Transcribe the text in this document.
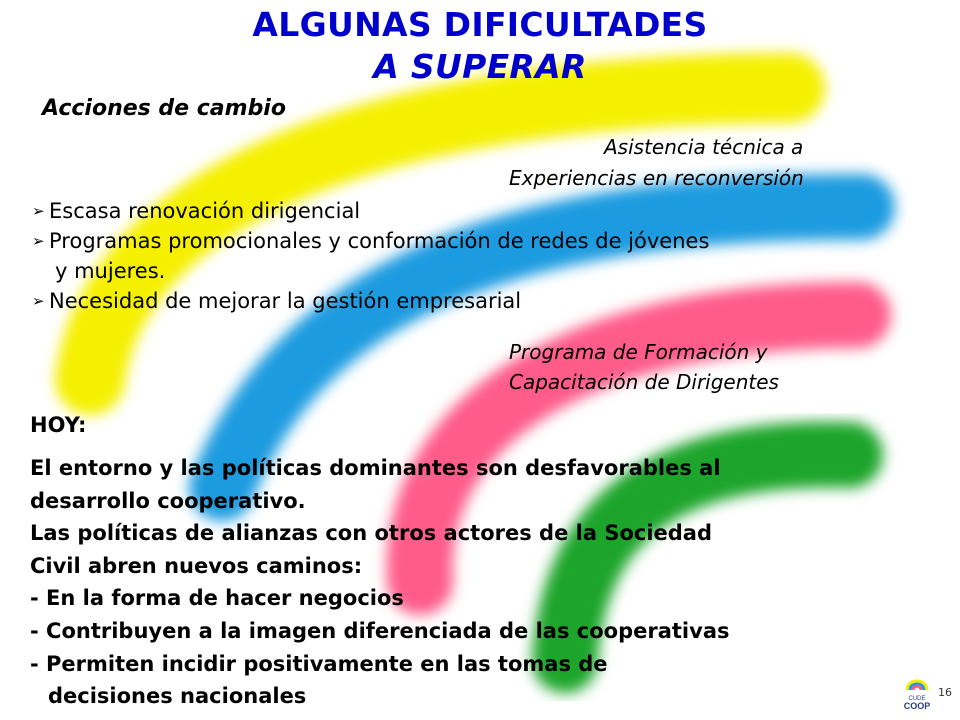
ALGUNAS DIFICULTADES
A SUPERAR
Acciones de cambio
Asistencia técnica a
Experiencias en reconversión
➢ Escasa renovación dirigencial
➢ Programas promocionales y conformación de redes de jóvenes
y mujeres.
➢ Necesidad de mejorar la gestión empresarial
Programa de Formación y
Capacitación de Dirigentes
HOY:
El entorno y las políticas dominantes son desfavorables al
desarrollo cooperativo.
Las políticas de alianzas con otros actores de la Sociedad
Civil abren nuevos caminos:
- En la forma de hacer negocios
- Contribuyen a la imagen diferenciada de las cooperativas
- Permiten incidir positivamente en las tomas de
decisiones nacionales	CUDE
COOP
16
